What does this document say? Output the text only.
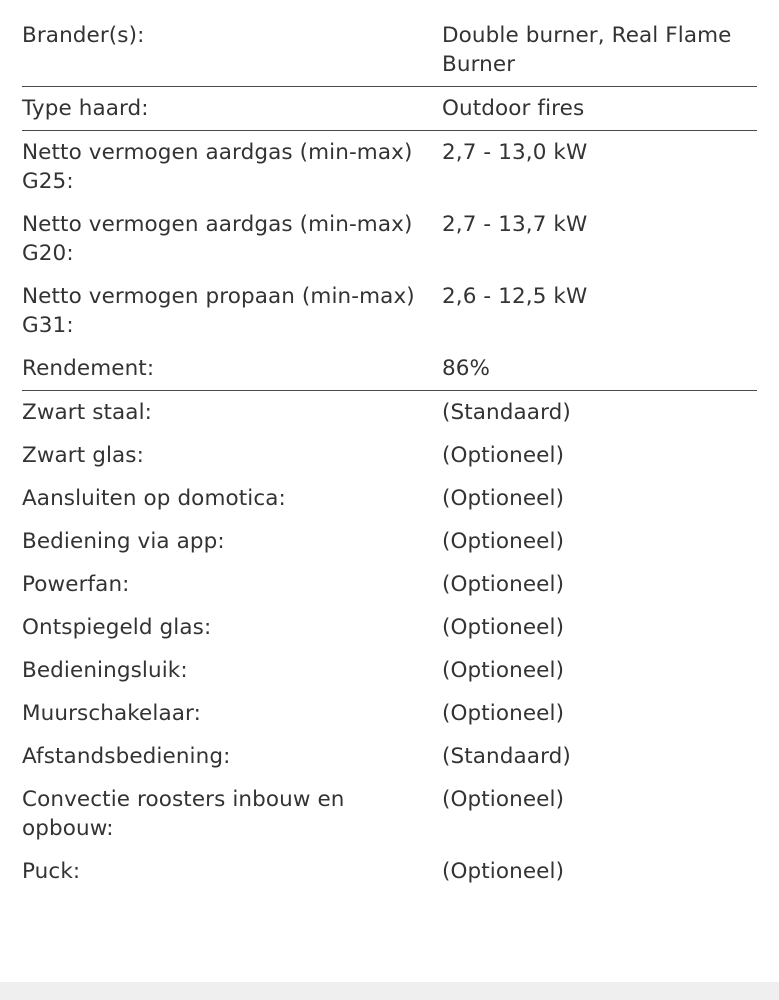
Brander(s):	Double burner, Real Flame Burner
Type haard:	Outdoor fires
Netto vermogen aardgas (min-max) G25:	2,7 - 13,0 kW
Netto vermogen aardgas (min-max) G20:	2,7 - 13,7 kW
Netto vermogen propaan (min-max) G31:	2,6 - 12,5 kW
Rendement:	86%
Zwart staal:	(Standaard)
Zwart glas:	(Optioneel)
Aansluiten op domotica:	(Optioneel)
Bediening via app:	(Optioneel)
Powerfan:	(Optioneel)
Ontspiegeld glas:	(Optioneel)
Bedieningsluik:	(Optioneel)
Muurschakelaar:	(Optioneel)
Afstandsbediening:	(Standaard)
Convectie roosters inbouw en opbouw:	(Optioneel)
Puck:	(Optioneel)
